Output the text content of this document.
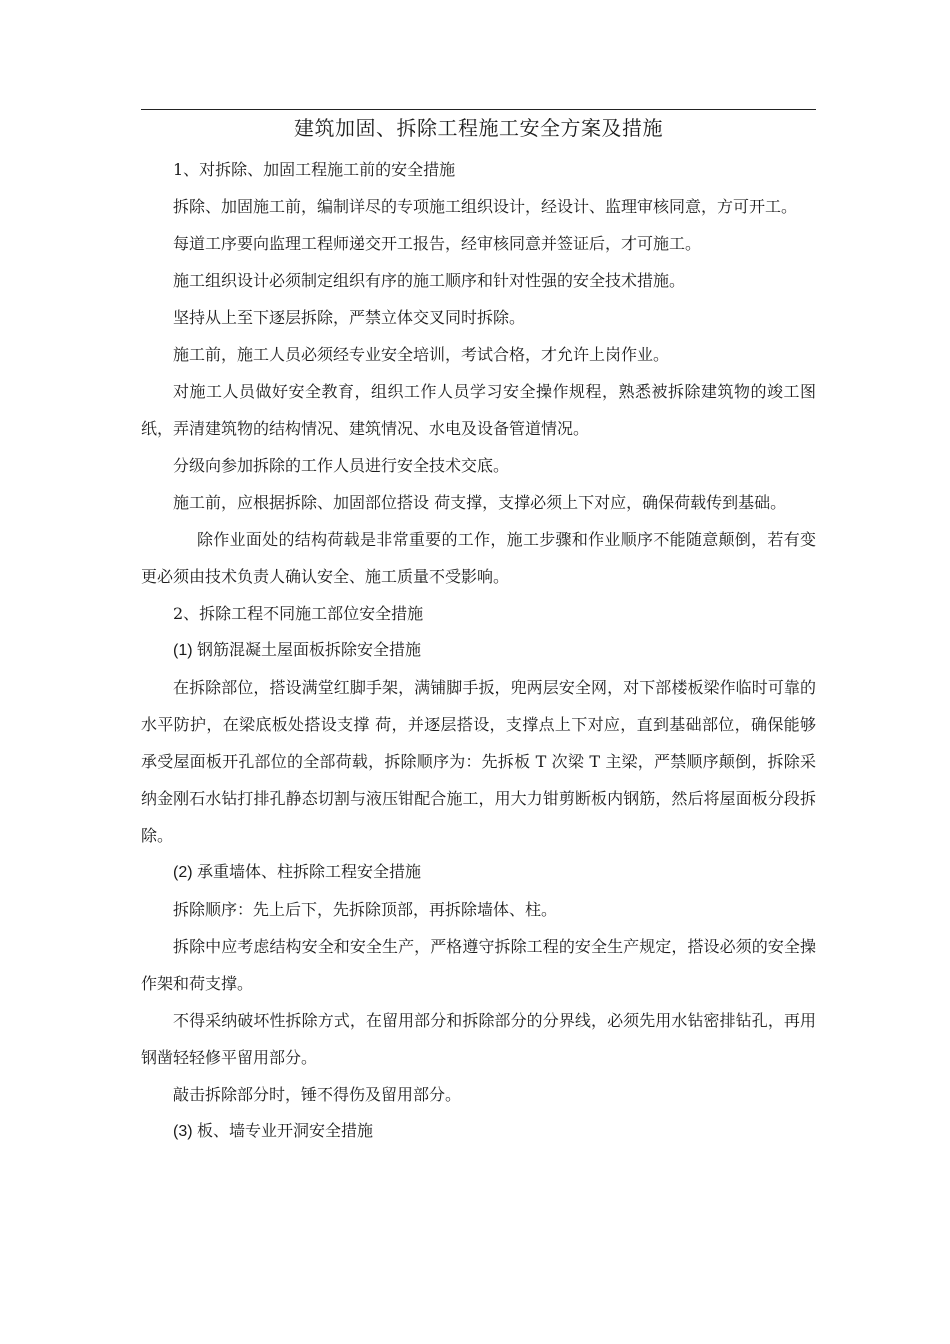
建筑加固、拆除工程施工安全方案及措施

1、对拆除、加固工程施工前的安全措施

拆除、加固施工前，编制详尽的专项施工组织设计，经设计、监理审核同意，方可开工。

每道工序要向监理工程师递交开工报告，经审核同意并签证后，才可施工。

施工组织设计必须制定组织有序的施工顺序和针对性强的安全技术措施。

坚持从上至下逐层拆除，严禁立体交叉同时拆除。

施工前，施工人员必须经专业安全培训，考试合格，才允许上岗作业。

对施工人员做好安全教育，组织工作人员学习安全操作规程，熟悉被拆除建筑物的竣工图纸，弄清建筑物的结构情况、建筑情况、水电及设备管道情况。

分级向参加拆除的工作人员进行安全技术交底。

施工前，应根据拆除、加固部位搭设 荷支撑，支撑必须上下对应，确保荷载传到基础。

除作业面处的结构荷载是非常重要的工作，施工步骤和作业顺序不能随意颠倒，若有变更必须由技术负责人确认安全、施工质量不受影响。

2、拆除工程不同施工部位安全措施

(1) 钢筋混凝土屋面板拆除安全措施

在拆除部位，搭设满堂红脚手架，满铺脚手扳，兜两层安全网，对下部楼板梁作临时可靠的水平防护，在梁底板处搭设支撑 荷，并逐层搭设，支撑点上下对应，直到基础部位，确保能够承受屋面板开孔部位的全部荷载，拆除顺序为：先拆板 T 次梁 T 主梁，严禁顺序颠倒，拆除采纳金刚石水钻打排孔静态切割与液压钳配合施工，用大力钳剪断板内钢筋，然后将屋面板分段拆除。

(2) 承重墙体、柱拆除工程安全措施

拆除顺序：先上后下，先拆除顶部，再拆除墙体、柱。

拆除中应考虑结构安全和安全生产，严格遵守拆除工程的安全生产规定，搭设必须的安全操作架和荷支撑。

不得采纳破坏性拆除方式，在留用部分和拆除部分的分界线，必须先用水钻密排钻孔，再用钢凿轻轻修平留用部分。

敲击拆除部分时，锤不得伤及留用部分。

(3) 板、墙专业开洞安全措施
